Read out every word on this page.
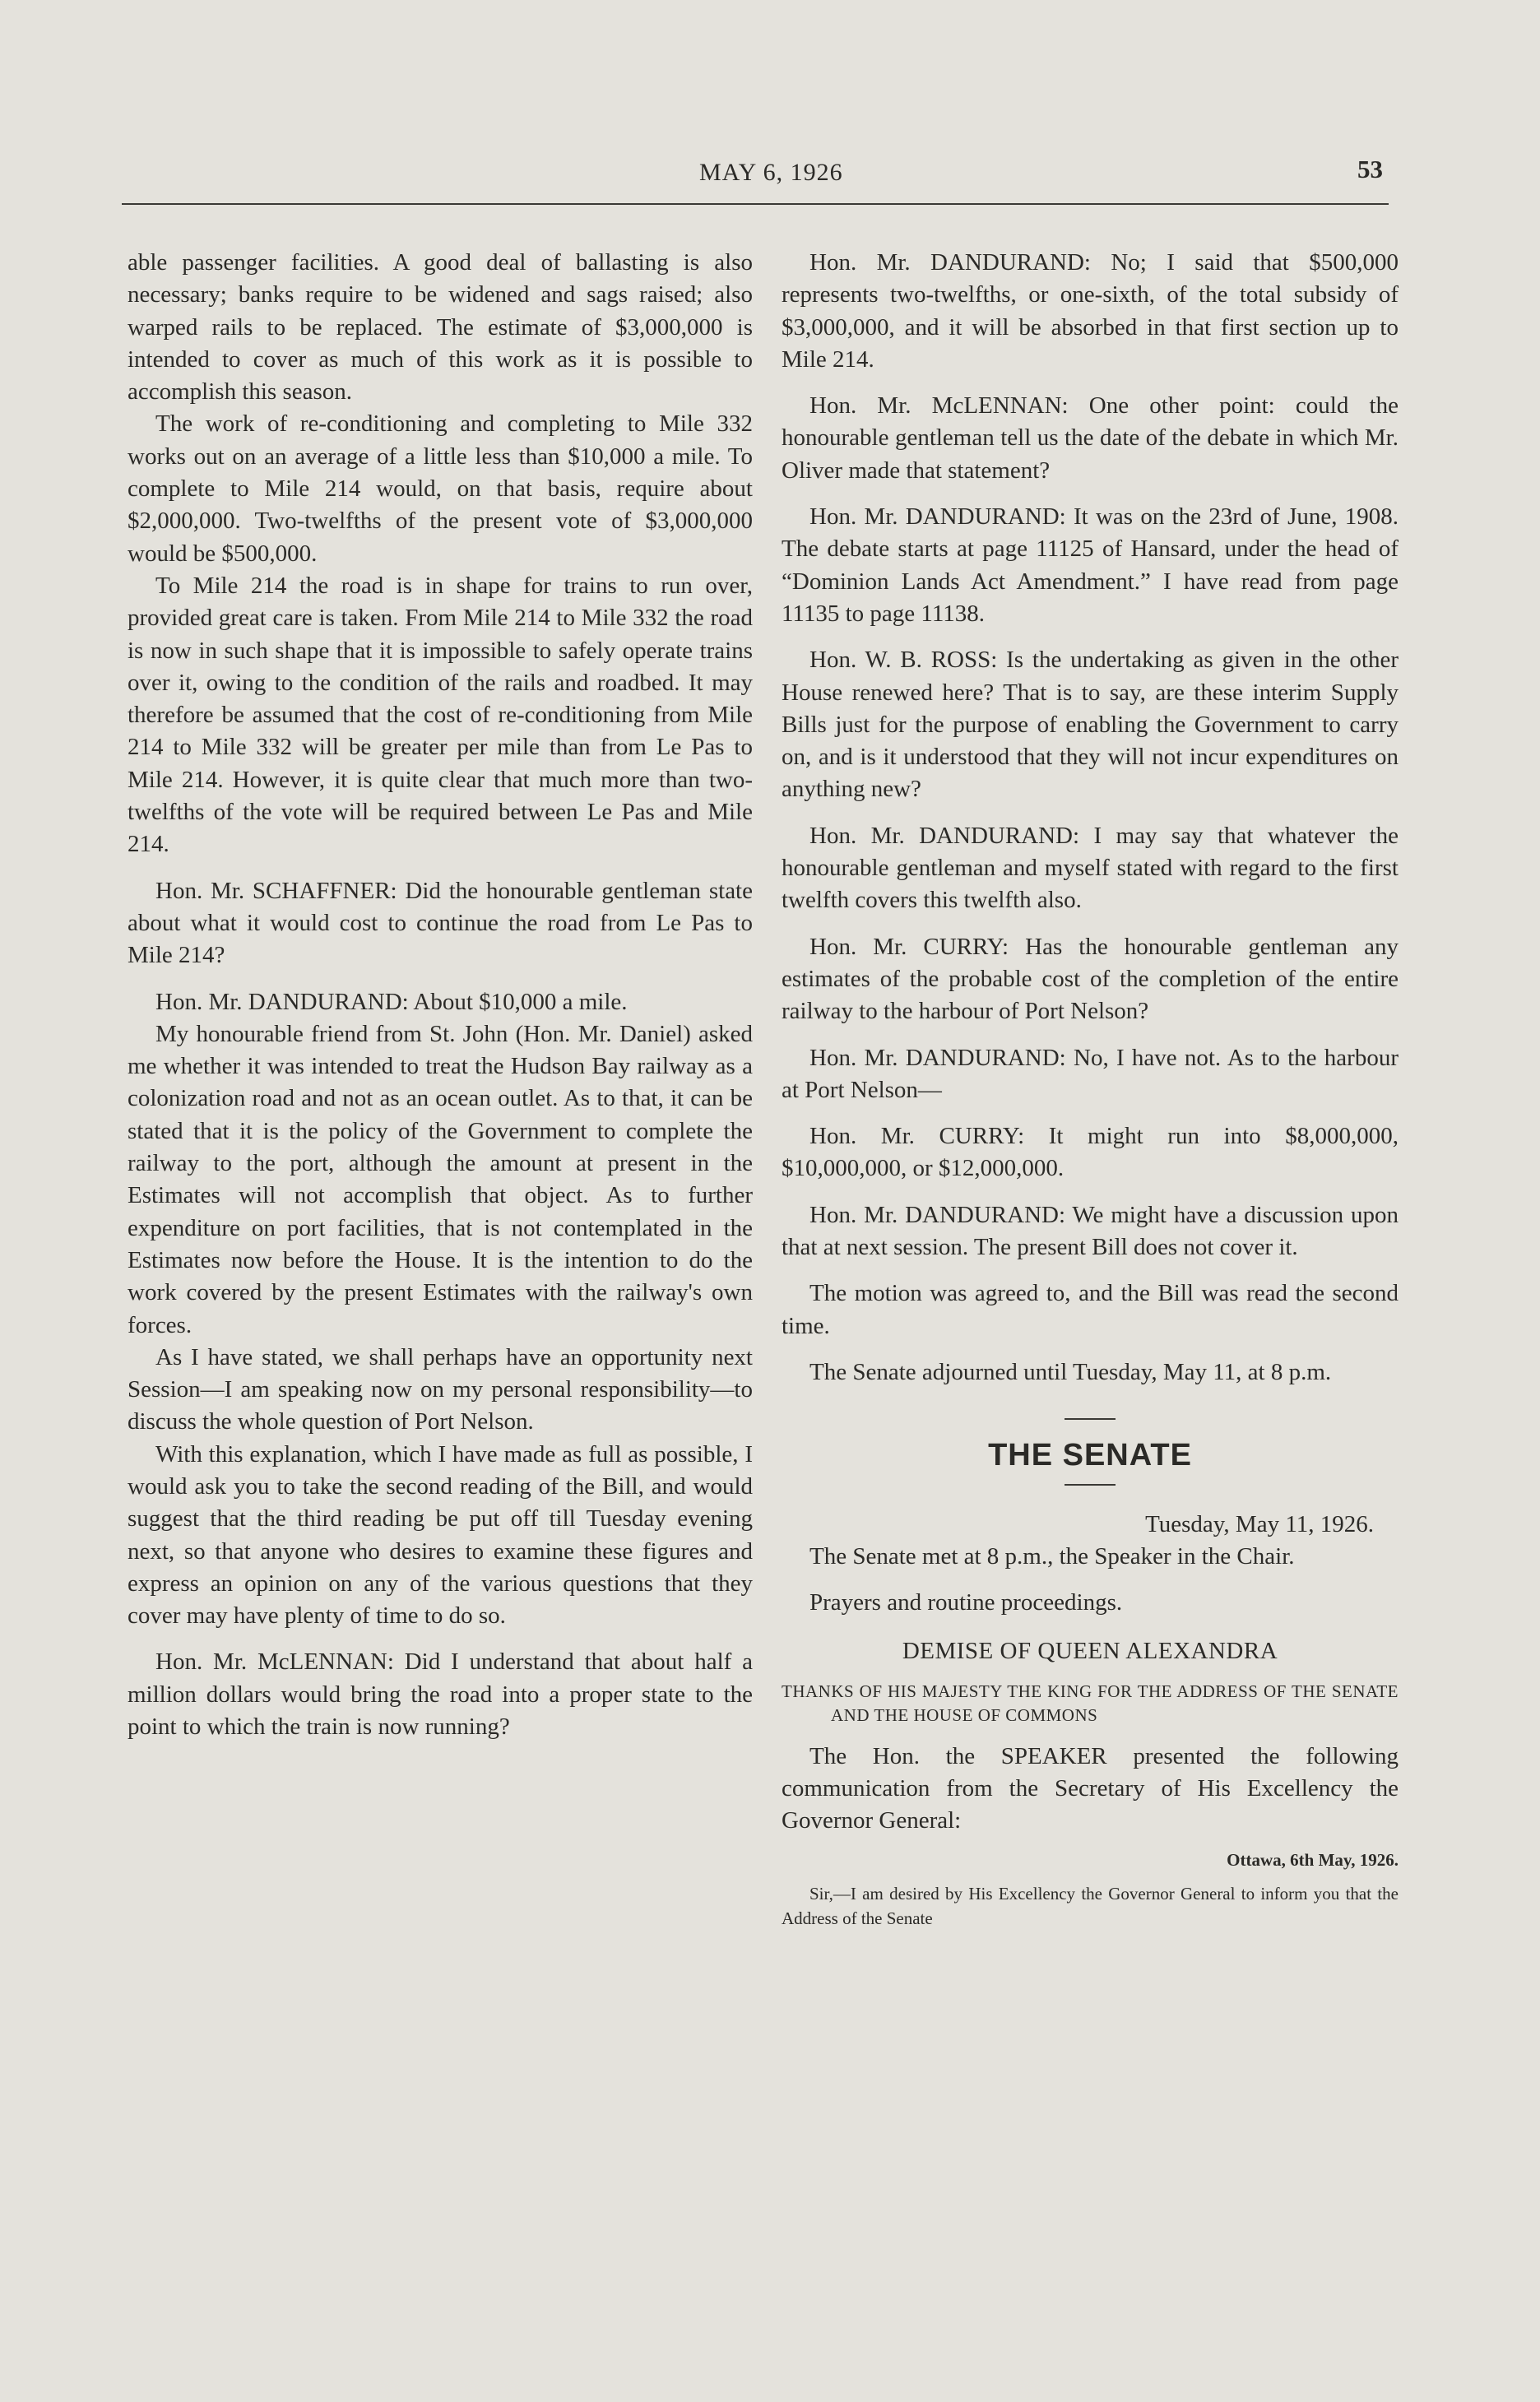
MAY 6, 1926	53

able passenger facilities. A good deal of ballasting is also necessary; banks require to be widened and sags raised; also warped rails to be replaced. The estimate of $3,000,000 is intended to cover as much of this work as it is possible to accomplish this season.

The work of re-conditioning and completing to Mile 332 works out on an average of a little less than $10,000 a mile. To complete to Mile 214 would, on that basis, require about $2,000,000. Two-twelfths of the present vote of $3,000,000 would be $500,000.

To Mile 214 the road is in shape for trains to run over, provided great care is taken. From Mile 214 to Mile 332 the road is now in such shape that it is impossible to safely operate trains over it, owing to the condition of the rails and roadbed. It may therefore be assumed that the cost of re-conditioning from Mile 214 to Mile 332 will be greater per mile than from Le Pas to Mile 214. However, it is quite clear that much more than two-twelfths of the vote will be required between Le Pas and Mile 214.

Hon. Mr. SCHAFFNER: Did the honourable gentleman state about what it would cost to continue the road from Le Pas to Mile 214?

Hon. Mr. DANDURAND: About $10,000 a mile.

My honourable friend from St. John (Hon. Mr. Daniel) asked me whether it was intended to treat the Hudson Bay railway as a colonization road and not as an ocean outlet. As to that, it can be stated that it is the policy of the Government to complete the railway to the port, although the amount at present in the Estimates will not accomplish that object. As to further expenditure on port facilities, that is not contemplated in the Estimates now before the House. It is the intention to do the work covered by the present Estimates with the railway's own forces.

As I have stated, we shall perhaps have an opportunity next Session—I am speaking now on my personal responsibility—to discuss the whole question of Port Nelson.

With this explanation, which I have made as full as possible, I would ask you to take the second reading of the Bill, and would suggest that the third reading be put off till Tuesday evening next, so that anyone who desires to examine these figures and express an opinion on any of the various questions that they cover may have plenty of time to do so.

Hon. Mr. McLENNAN: Did I understand that about half a million dollars would bring the road into a proper state to the point to which the train is now running?

Hon. Mr. DANDURAND: No; I said that $500,000 represents two-twelfths, or one-sixth, of the total subsidy of $3,000,000, and it will be absorbed in that first section up to Mile 214.

Hon. Mr. McLENNAN: One other point: could the honourable gentleman tell us the date of the debate in which Mr. Oliver made that statement?

Hon. Mr. DANDURAND: It was on the 23rd of June, 1908. The debate starts at page 11125 of Hansard, under the head of “Dominion Lands Act Amendment.” I have read from page 11135 to page 11138.

Hon. W. B. ROSS: Is the undertaking as given in the other House renewed here? That is to say, are these interim Supply Bills just for the purpose of enabling the Government to carry on, and is it understood that they will not incur expenditures on anything new?

Hon. Mr. DANDURAND: I may say that whatever the honourable gentleman and myself stated with regard to the first twelfth covers this twelfth also.

Hon. Mr. CURRY: Has the honourable gentleman any estimates of the probable cost of the completion of the entire railway to the harbour of Port Nelson?

Hon. Mr. DANDURAND: No, I have not. As to the harbour at Port Nelson—

Hon. Mr. CURRY: It might run into $8,000,000, $10,000,000, or $12,000,000.

Hon. Mr. DANDURAND: We might have a discussion upon that at next session. The present Bill does not cover it.

The motion was agreed to, and the Bill was read the second time.

The Senate adjourned until Tuesday, May 11, at 8 p.m.

THE SENATE

Tuesday, May 11, 1926.

The Senate met at 8 p.m., the Speaker in the Chair.

Prayers and routine proceedings.

DEMISE OF QUEEN ALEXANDRA
THANKS OF HIS MAJESTY THE KING FOR THE ADDRESS OF THE SENATE AND THE HOUSE OF COMMONS

The Hon. the SPEAKER presented the following communication from the Secretary of His Excellency the Governor General:

Ottawa, 6th May, 1926.

Sir,—I am desired by His Excellency the Governor General to inform you that the Address of the Senate
